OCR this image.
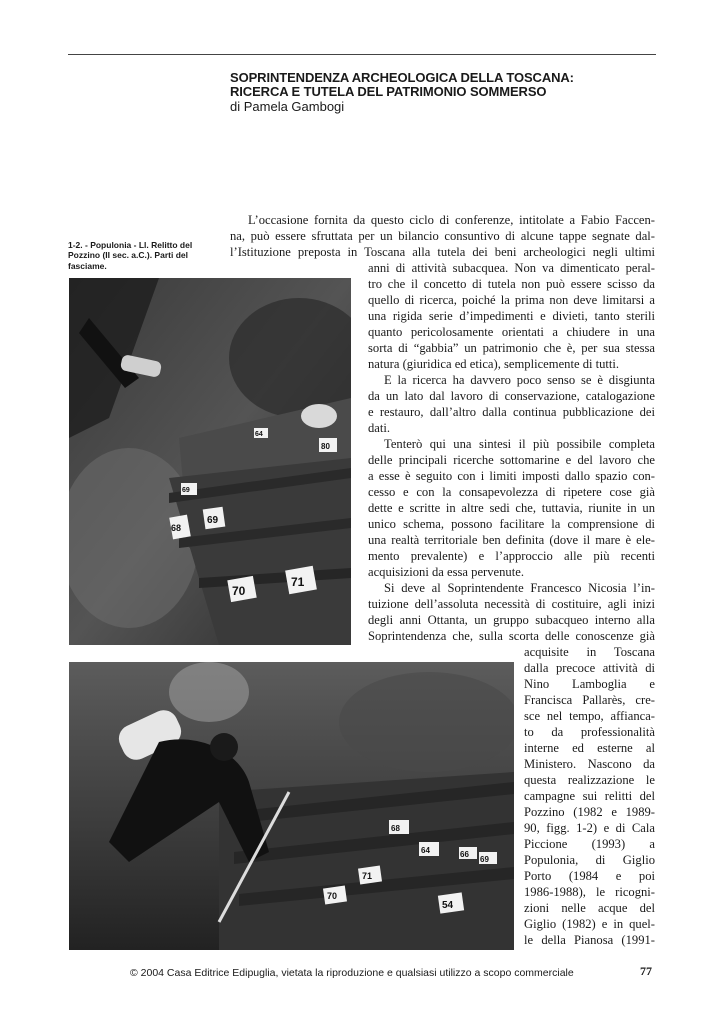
SOPRINTENDENZA ARCHEOLOGICA DELLA TOSCANA:
RICERCA E TUTELA DEL PATRIMONIO SOMMERSO
di Pamela Gambogi
1-2. - Populonia - Ll. Relitto del Pozzino (II sec. a.C.). Parti del fasciame.
69
68
70
71
80
64
69
71
70
68
64
54
66
69
L’occasione fornita da questo ciclo di conferenze, intitolate a Fabio Faccen-
na, può essere sfruttata per un bilancio consuntivo di alcune tappe segnate dal-
l’Istituzione preposta in Toscana alla tutela dei beni archeologici negli ultimi
anni di attività subacquea. Non va dimenticato peral-
tro che il concetto di tutela non può essere scisso da
quello di ricerca, poiché la prima non deve limitarsi a
una rigida serie d’impedimenti e divieti, tanto sterili
quanto pericolosamente orientati a chiudere in una
sorta di “gabbia” un patrimonio che è, per sua stessa
natura (giuridica ed etica), semplicemente di tutti.
E la ricerca ha davvero poco senso se è disgiunta
da un lato dal lavoro di conservazione, catalogazione
e restauro, dall’altro dalla continua pubblicazione dei
dati.
Tenterò qui una sintesi il più possibile completa
delle principali ricerche sottomarine e del lavoro che
a esse è seguito con i limiti imposti dallo spazio con-
cesso e con la consapevolezza di ripetere cose già
dette e scritte in altre sedi che, tuttavia, riunite in un
unico schema, possono facilitare la comprensione di
una realtà territoriale ben definita (dove il mare è ele-
mento prevalente) e l’approccio alle più recenti
acquisizioni da essa pervenute.
Si deve al Soprintendente Francesco Nicosia l’in-
tuizione dell’assoluta necessità di costituire, agli inizi
degli anni Ottanta, un gruppo subacqueo interno alla
Soprintendenza che, sulla scorta delle conoscenze già
acquisite in Toscana
dalla precoce attività di
Nino Lamboglia e
Francisca Pallarès, cre-
sce nel tempo, affianca-
to da professionalità
interne ed esterne al
Ministero. Nascono da
questa realizzazione le
campagne sui relitti del
Pozzino (1982 e 1989-
90, figg. 1-2) e di Cala
Piccione (1993) a
Populonia, di Giglio
Porto (1984 e poi
1986-1988), le ricogni-
zioni nelle acque del
Giglio (1982) e in quel-
le della Pianosa (1991-
© 2004 Casa Editrice Edipuglia, vietata la riproduzione e qualsiasi utilizzo a scopo commerciale	77
